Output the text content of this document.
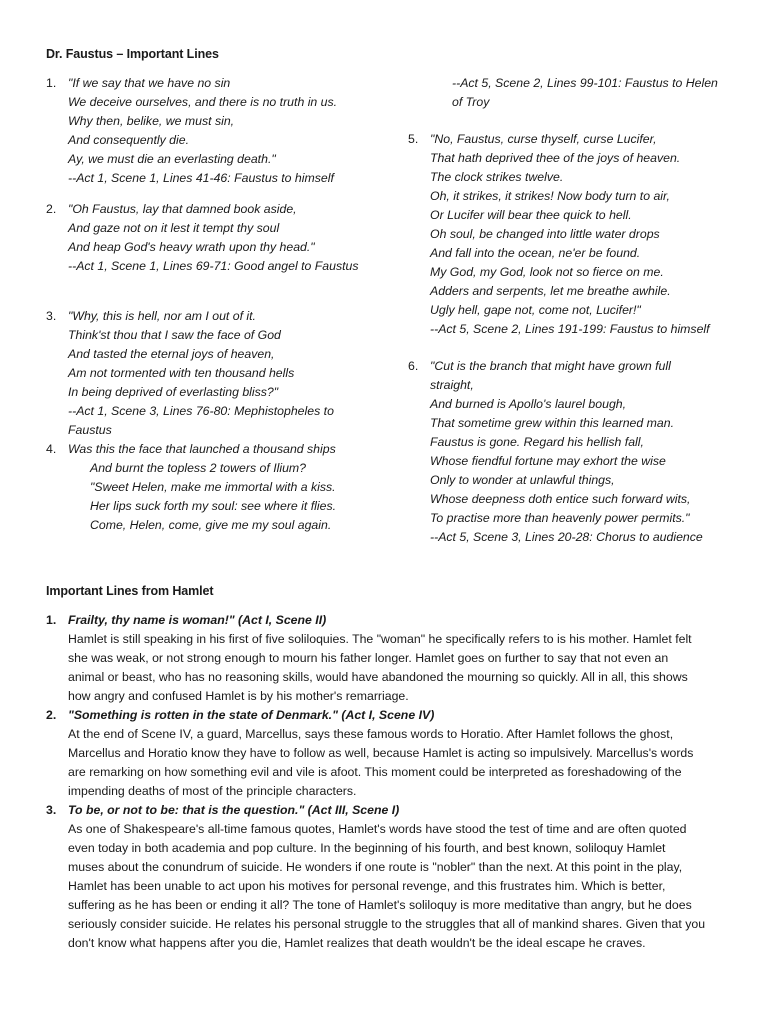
Dr. Faustus – Important Lines
1. "If we say that we have no sin
We deceive ourselves, and there is no truth in us.
Why then, belike, we must sin,
And consequently die.
Ay, we must die an everlasting death."
--Act 1, Scene 1, Lines 41-46: Faustus to himself
2. "Oh Faustus, lay that damned book aside,
And gaze not on it lest it tempt thy soul
And heap God's heavy wrath upon thy head."
--Act 1, Scene 1, Lines 69-71: Good angel to Faustus
3. "Why, this is hell, nor am I out of it.
Think'st thou that I saw the face of God
And tasted the eternal joys of heaven,
Am not tormented with ten thousand hells
In being deprived of everlasting bliss?"
--Act 1, Scene 3, Lines 76-80: Mephistopheles to
Faustus
4. Was this the face that launched a thousand ships
And burnt the topless 2 towers of Ilium?
"Sweet Helen, make me immortal with a kiss.
Her lips suck forth my soul: see where it flies.
Come, Helen, come, give me my soul again.
--Act 5, Scene 2, Lines 99-101: Faustus to Helen
of Troy
5. "No, Faustus, curse thyself, curse Lucifer,
That hath deprived thee of the joys of heaven.
The clock strikes twelve.
Oh, it strikes, it strikes! Now body turn to air,
Or Lucifer will bear thee quick to hell.
Oh soul, be changed into little water drops
And fall into the ocean, ne'er be found.
My God, my God, look not so fierce on me.
Adders and serpents, let me breathe awhile.
Ugly hell, gape not, come not, Lucifer!"
--Act 5, Scene 2, Lines 191-199: Faustus to himself
6. "Cut is the branch that might have grown full
straight,
And burned is Apollo's laurel bough,
That sometime grew within this learned man.
Faustus is gone. Regard his hellish fall,
Whose fiendful fortune may exhort the wise
Only to wonder at unlawful things,
Whose deepness doth entice such forward wits,
To practise more than heavenly power permits."
--Act 5, Scene 3, Lines 20-28: Chorus to audience
Important Lines from Hamlet
1. Frailty, thy name is woman!" (Act I, Scene II)
Hamlet is still speaking in his first of five soliloquies. The "woman" he specifically refers to is his mother. Hamlet felt
she was weak, or not strong enough to mourn his father longer. Hamlet goes on further to say that not even an
animal or beast, who has no reasoning skills, would have abandoned the mourning so quickly. All in all, this shows
how angry and confused Hamlet is by his mother's remarriage.
2. "Something is rotten in the state of Denmark." (Act I, Scene IV)
At the end of Scene IV, a guard, Marcellus, says these famous words to Horatio. After Hamlet follows the ghost,
Marcellus and Horatio know they have to follow as well, because Hamlet is acting so impulsively. Marcellus's words
are remarking on how something evil and vile is afoot. This moment could be interpreted as foreshadowing of the
impending deaths of most of the principle characters.
3. To be, or not to be: that is the question." (Act III, Scene I)
As one of Shakespeare's all-time famous quotes, Hamlet's words have stood the test of time and are often quoted
even today in both academia and pop culture. In the beginning of his fourth, and best known, soliloquy Hamlet
muses about the conundrum of suicide. He wonders if one route is "nobler" than the next. At this point in the play,
Hamlet has been unable to act upon his motives for personal revenge, and this frustrates him. Which is better,
suffering as he has been or ending it all? The tone of Hamlet's soliloquy is more meditative than angry, but he does
seriously consider suicide. He relates his personal struggle to the struggles that all of mankind shares. Given that you
don't know what happens after you die, Hamlet realizes that death wouldn't be the ideal escape he craves.
